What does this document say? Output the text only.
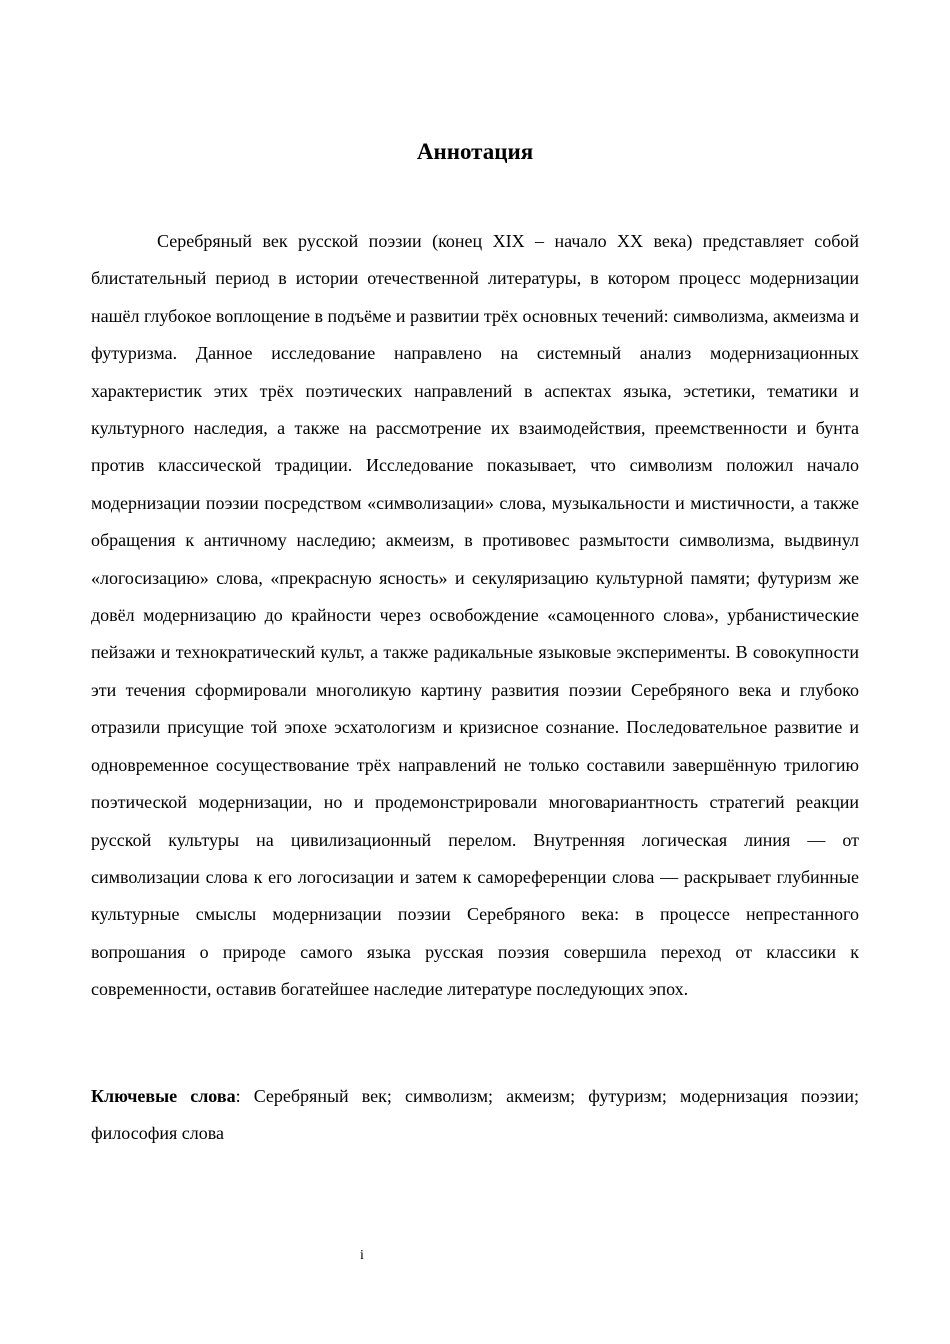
Аннотация

Серебряный век русской поэзии (конец XIX – начало XX века) представляет собой блистательный период в истории отечественной литературы, в котором процесс модернизации нашёл глубокое воплощение в подъёме и развитии трёх основных течений: символизма, акмеизма и футуризма. Данное исследование направлено на системный анализ модернизационных характеристик этих трёх поэтических направлений в аспектах языка, эстетики, тематики и культурного наследия, а также на рассмотрение их взаимодействия, преемственности и бунта против классической традиции. Исследование показывает, что символизм положил начало модернизации поэзии посредством «символизации» слова, музыкальности и мистичности, а также обращения к античному наследию; акмеизм, в противовес размытости символизма, выдвинул «логосизацию» слова, «прекрасную ясность» и секуляризацию культурной памяти; футуризм же довёл модернизацию до крайности через освобождение «самоценного слова», урбанистические пейзажи и технократический культ, а также радикальные языковые эксперименты. В совокупности эти течения сформировали многоликую картину развития поэзии Серебряного века и глубоко отразили присущие той эпохе эсхатологизм и кризисное сознание. Последовательное развитие и одновременное сосуществование трёх направлений не только составили завершённую трилогию поэтической модернизации, но и продемонстрировали многовариантность стратегий реакции русской культуры на цивилизационный перелом. Внутренняя логическая линия — от символизации слова к его логосизации и затем к самореференции слова — раскрывает глубинные культурные смыслы модернизации поэзии Серебряного века: в процессе непрестанного вопрошания о природе самого языка русская поэзия совершила переход от классики к современности, оставив богатейшее наследие литературе последующих эпох.

Ключевые слова: Серебряный век; символизм; акмеизм; футуризм; модернизация поэзии; философия слова

i
